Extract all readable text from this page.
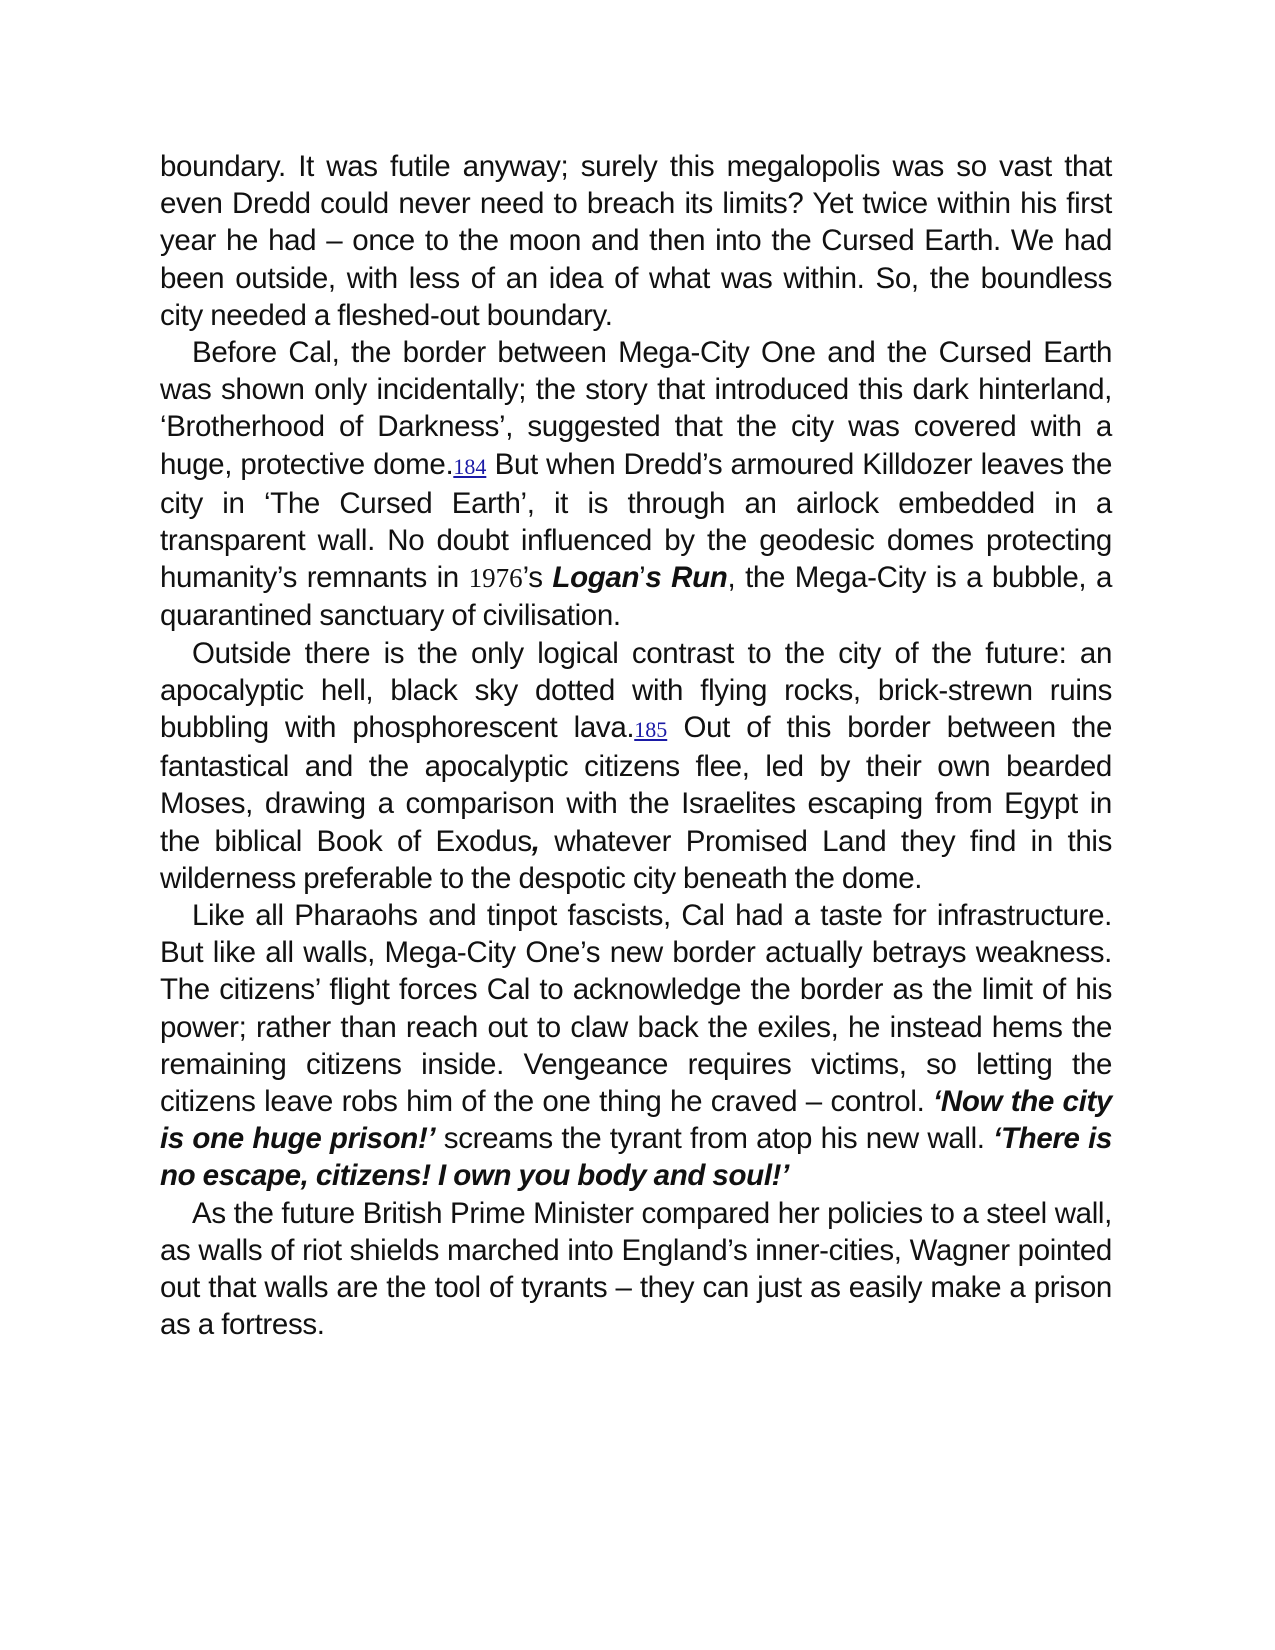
boundary. It was futile anyway; surely this megalopolis was so vast that even Dredd could never need to breach its limits? Yet twice within his first year he had – once to the moon and then into the Cursed Earth. We had been outside, with less of an idea of what was within. So, the boundless city needed a fleshed-out boundary.

Before Cal, the border between Mega-City One and the Cursed Earth was shown only incidentally; the story that introduced this dark hinterland, ‘Brotherhood of Darkness’, suggested that the city was covered with a huge, protective dome.184 But when Dredd’s armoured Killdozer leaves the city in ‘The Cursed Earth’, it is through an airlock embedded in a transparent wall. No doubt influenced by the geodesic domes protecting humanity’s remnants in 1976’s Logan’s Run, the Mega-City is a bubble, a quarantined sanctuary of civilisation.

Outside there is the only logical contrast to the city of the future: an apocalyptic hell, black sky dotted with flying rocks, brick-strewn ruins bubbling with phosphorescent lava.185 Out of this border between the fantastical and the apocalyptic citizens flee, led by their own bearded Moses, drawing a comparison with the Israelites escaping from Egypt in the biblical Book of Exodus, whatever Promised Land they find in this wilderness preferable to the despotic city beneath the dome.

Like all Pharaohs and tinpot fascists, Cal had a taste for infrastructure. But like all walls, Mega-City One’s new border actually betrays weakness. The citizens’ flight forces Cal to acknowledge the border as the limit of his power; rather than reach out to claw back the exiles, he instead hems the remaining citizens inside. Vengeance requires victims, so letting the citizens leave robs him of the one thing he craved – control. ‘Now the city is one huge prison!’ screams the tyrant from atop his new wall. ‘There is no escape, citizens! I own you body and soul!’

As the future British Prime Minister compared her policies to a steel wall, as walls of riot shields marched into England’s inner-cities, Wagner pointed out that walls are the tool of tyrants – they can just as easily make a prison as a fortress.
